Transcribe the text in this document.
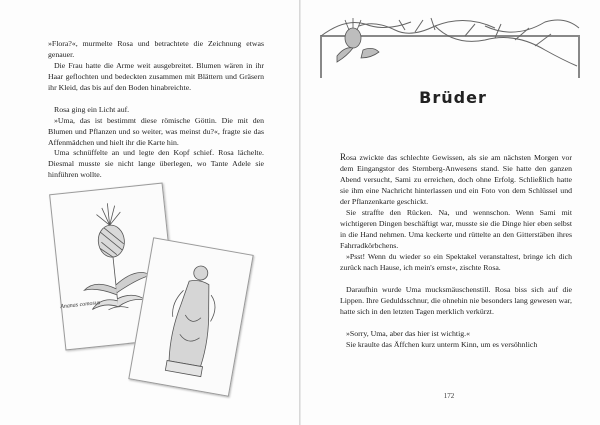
»Flora?«, murmelte Rosa und betrachtete die Zeichnung etwas genauer.

Die Frau hatte die Arme weit ausgebreitet. Blumen wären in ihr Haar geflochten und bedeckten zusammen mit Blättern und Gräsern ihr Kleid, das bis auf den Boden hinabreichte.

Rosa ging ein Licht auf.

»Uma, das ist bestimmt diese römische Göttin. Die mit den Blumen und Pflanzen und so weiter, was meinst du?«, fragte sie das Affenmädchen und hielt ihr die Karte hin.

Uma schnüffelte an und legte den Kopf schief. Rosa lächelte. Diesmal musste sie nicht lange überlegen, wo Tante Adele sie hinführen wollte.

Ananas comosus
Brüder

Rosa zwickte das schlechte Gewissen, als sie am nächsten Morgen vor dem Eingangstor des Sternberg-Anwesens stand. Sie hatte den ganzen Abend versucht, Sami zu erreichen, doch ohne Erfolg. Schließlich hatte sie ihm eine Nachricht hinterlassen und ein Foto von dem Schlüssel und der Pflanzenkarte geschickt.

Sie straffte den Rücken. Na, und wennschon. Wenn Sami mit wichtigeren Dingen beschäftigt war, musste sie die Dinge hier eben selbst in die Hand nehmen. Uma keckerte und rüttelte an den Gitterstäben ihres Fahrradkörbchens.

»Psst! Wenn du wieder so ein Spektakel veranstaltest, bringe ich dich zurück nach Hause, ich mein's ernst«, zischte Rosa.

Daraufhin wurde Uma mucksmäuschenstill. Rosa biss sich auf die Lippen. Ihre Geduldsschnur, die ohnehin nie besonders lang gewesen war, hatte sich in den letzten Tagen merklich verkürzt.

»Sorry, Uma, aber das hier ist wichtig.«

Sie kraulte das Äffchen kurz unterm Kinn, um es versöhnlich

172
